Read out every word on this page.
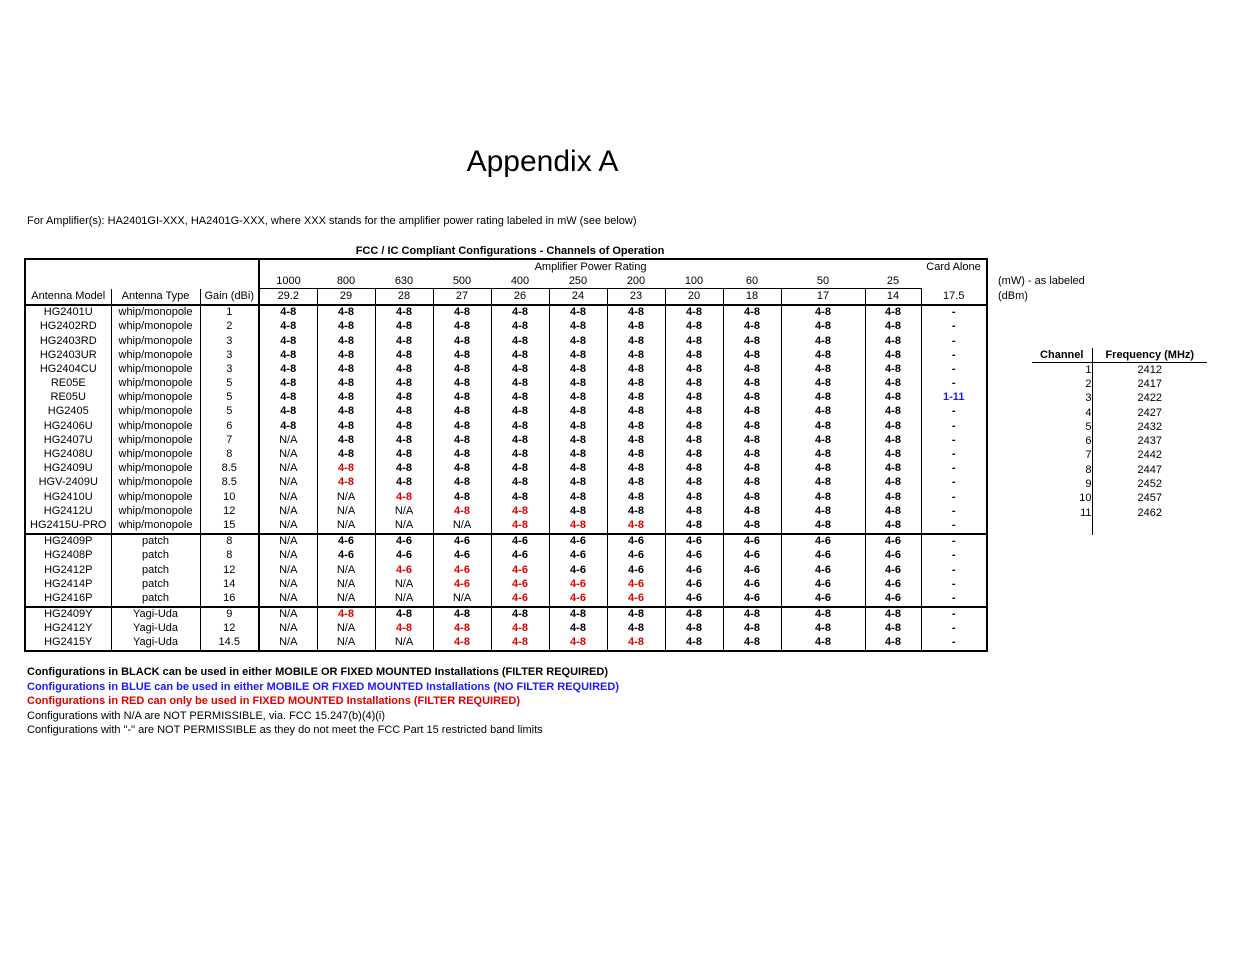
Appendix A
For Amplifier(s): HA2401GI-XXX, HA2401G-XXX, where XXX stands for the amplifier power rating labeled in mW (see below)
FCC / IC Compliant Configurations - Channels of Operation
			Amplifier Power Rating											Card Alone
			1000	800	630	500	400	250	200	100	60	50	25	
Antenna Model	Antenna Type	Gain (dBi)	29.2	29	28	27	26	24	23	20	18	17	14	17.5
HG2401U	whip/monopole	1	4-8	4-8	4-8	4-8	4-8	4-8	4-8	4-8	4-8	4-8	4-8	-
HG2402RD	whip/monopole	2	4-8	4-8	4-8	4-8	4-8	4-8	4-8	4-8	4-8	4-8	4-8	-
HG2403RD	whip/monopole	3	4-8	4-8	4-8	4-8	4-8	4-8	4-8	4-8	4-8	4-8	4-8	-
HG2403UR	whip/monopole	3	4-8	4-8	4-8	4-8	4-8	4-8	4-8	4-8	4-8	4-8	4-8	-
HG2404CU	whip/monopole	3	4-8	4-8	4-8	4-8	4-8	4-8	4-8	4-8	4-8	4-8	4-8	-
RE05E	whip/monopole	5	4-8	4-8	4-8	4-8	4-8	4-8	4-8	4-8	4-8	4-8	4-8	-
RE05U	whip/monopole	5	4-8	4-8	4-8	4-8	4-8	4-8	4-8	4-8	4-8	4-8	4-8	1-11
HG2405	whip/monopole	5	4-8	4-8	4-8	4-8	4-8	4-8	4-8	4-8	4-8	4-8	4-8	-
HG2406U	whip/monopole	6	4-8	4-8	4-8	4-8	4-8	4-8	4-8	4-8	4-8	4-8	4-8	-
HG2407U	whip/monopole	7	N/A	4-8	4-8	4-8	4-8	4-8	4-8	4-8	4-8	4-8	4-8	-
HG2408U	whip/monopole	8	N/A	4-8	4-8	4-8	4-8	4-8	4-8	4-8	4-8	4-8	4-8	-
HG2409U	whip/monopole	8.5	N/A	4-8	4-8	4-8	4-8	4-8	4-8	4-8	4-8	4-8	4-8	-
HGV-2409U	whip/monopole	8.5	N/A	4-8	4-8	4-8	4-8	4-8	4-8	4-8	4-8	4-8	4-8	-
HG2410U	whip/monopole	10	N/A	N/A	4-8	4-8	4-8	4-8	4-8	4-8	4-8	4-8	4-8	-
HG2412U	whip/monopole	12	N/A	N/A	N/A	4-8	4-8	4-8	4-8	4-8	4-8	4-8	4-8	-
HG2415U-PRO	whip/monopole	15	N/A	N/A	N/A	N/A	4-8	4-8	4-8	4-8	4-8	4-8	4-8	-
HG2409P	patch	8	N/A	4-6	4-6	4-6	4-6	4-6	4-6	4-6	4-6	4-6	4-6	-
HG2408P	patch	8	N/A	4-6	4-6	4-6	4-6	4-6	4-6	4-6	4-6	4-6	4-6	-
HG2412P	patch	12	N/A	N/A	4-6	4-6	4-6	4-6	4-6	4-6	4-6	4-6	4-6	-
HG2414P	patch	14	N/A	N/A	N/A	4-6	4-6	4-6	4-6	4-6	4-6	4-6	4-6	-
HG2416P	patch	16	N/A	N/A	N/A	N/A	4-6	4-6	4-6	4-6	4-6	4-6	4-6	-
HG2409Y	Yagi-Uda	9	N/A	4-8	4-8	4-8	4-8	4-8	4-8	4-8	4-8	4-8	4-8	-
HG2412Y	Yagi-Uda	12	N/A	N/A	4-8	4-8	4-8	4-8	4-8	4-8	4-8	4-8	4-8	-
HG2415Y	Yagi-Uda	14.5	N/A	N/A	N/A	4-8	4-8	4-8	4-8	4-8	4-8	4-8	4-8	-
(mW) - as labeled
(dBm)
Channel	Frequency (MHz)
1	2412
2	2417
3	2422
4	2427
5	2432
6	2437
7	2442
8	2447
9	2452
10	2457
11	2462

Configurations in BLACK can be used in either MOBILE OR FIXED MOUNTED Installations (FILTER REQUIRED)
Configurations in BLUE can be used in either MOBILE OR FIXED MOUNTED Installations (NO FILTER REQUIRED)
Configurations in RED can only be used in FIXED MOUNTED Installations (FILTER REQUIRED)
Configurations with N/A are NOT PERMISSIBLE, via. FCC 15.247(b)(4)(i)
Configurations with "-" are NOT PERMISSIBLE as they do not meet the FCC Part 15 restricted band limits
